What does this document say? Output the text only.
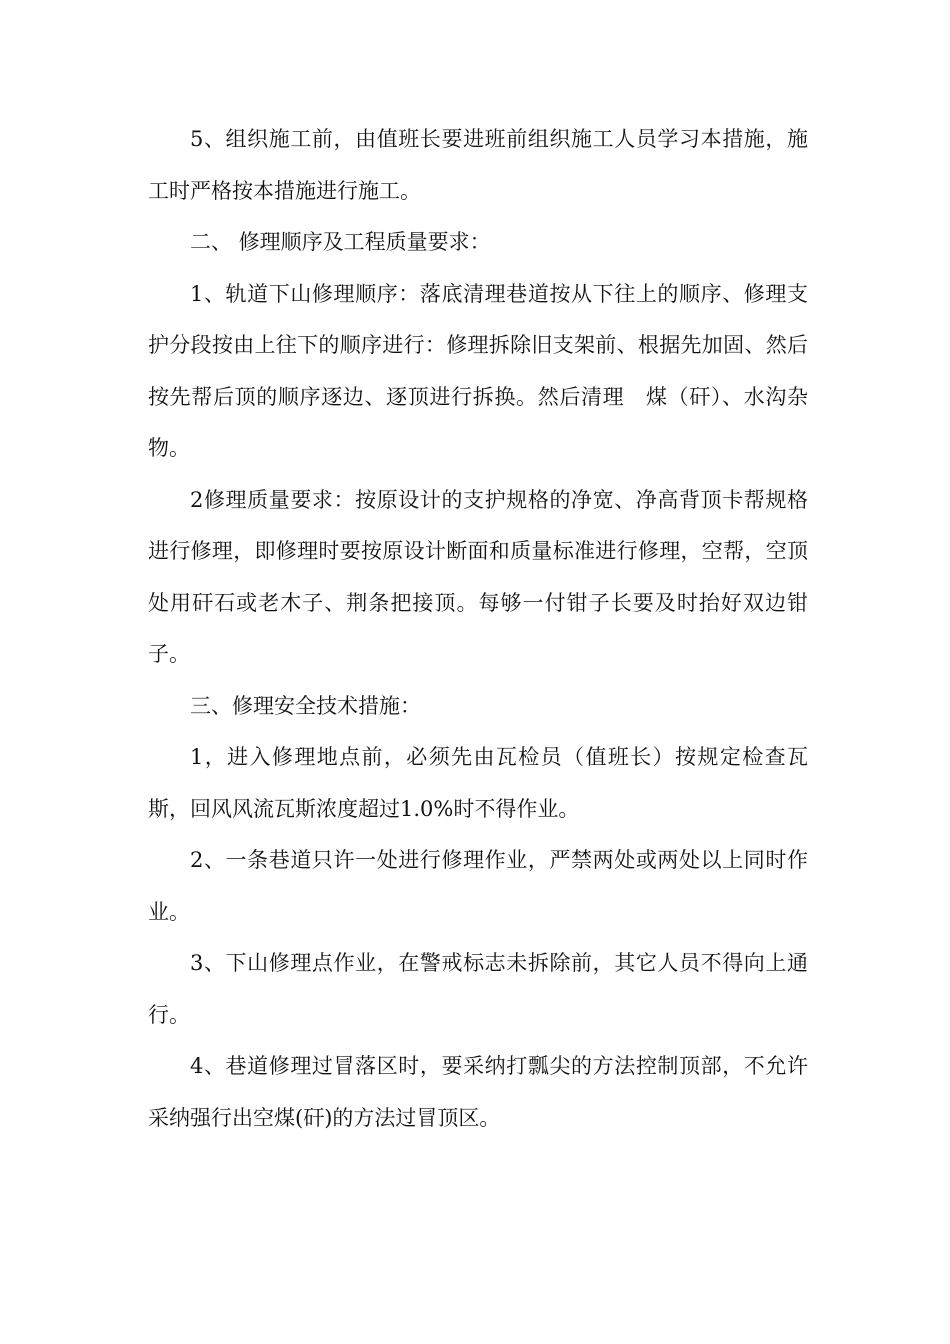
5、组织施工前，由值班长要进班前组织施工人员学习本措施，施工时严格按本措施进行施工。

二、 修理顺序及工程质量要求：

1、轨道下山修理顺序：落底清理巷道按从下往上的顺序、修理支护分段按由上往下的顺序进行：修理拆除旧支架前、根据先加固、然后按先帮后顶的顺序逐边、逐顶进行拆换。然后清理　煤（矸）、水沟杂物。

2修理质量要求：按原设计的支护规格的净宽、净高背顶卡帮规格进行修理，即修理时要按原设计断面和质量标准进行修理，空帮，空顶处用矸石或老木子、荆条把接顶。每够一付钳子长要及时抬好双边钳子。

三、修理安全技术措施：

1，进入修理地点前，必须先由瓦检员（值班长）按规定检查瓦斯，回风风流瓦斯浓度超过1.0%时不得作业。

2、一条巷道只许一处进行修理作业，严禁两处或两处以上同时作业。

3、下山修理点作业，在警戒标志未拆除前，其它人员不得向上通行。

4、巷道修理过冒落区时，要采纳打瓢尖的方法控制顶部，不允许采纳强行出空煤(矸)的方法过冒顶区。
